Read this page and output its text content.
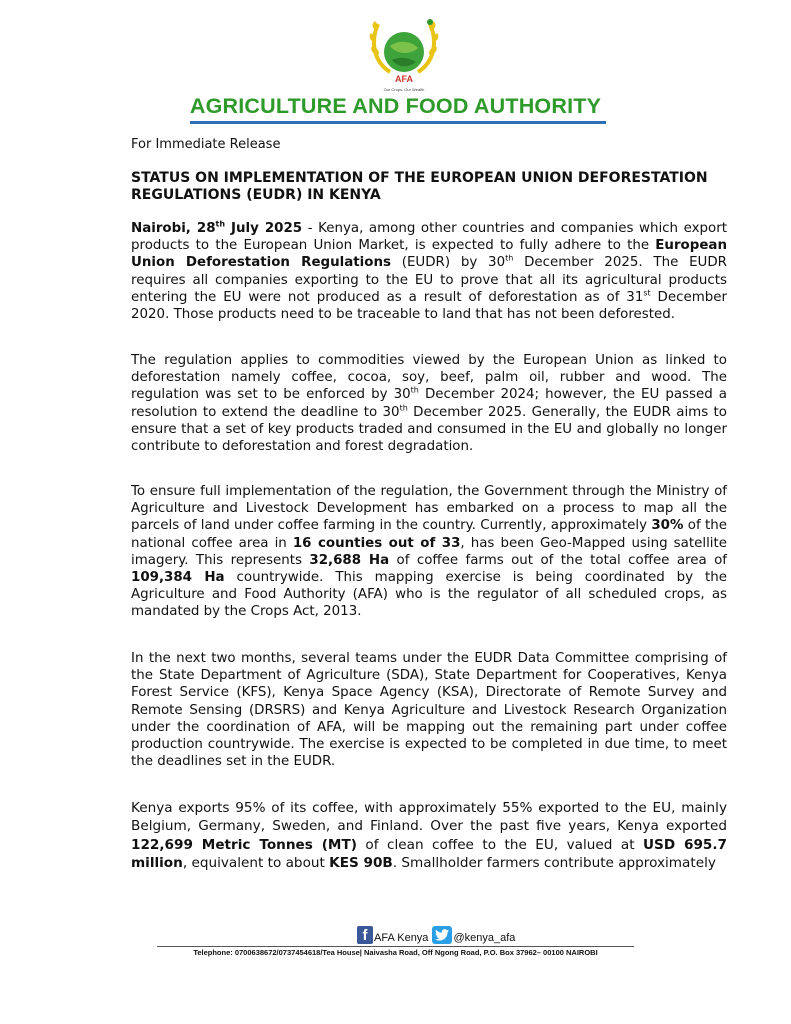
AFA
Our Crops, Our Wealth
AGRICULTURE AND FOOD AUTHORITY
For Immediate Release
STATUS ON IMPLEMENTATION OF THE EUROPEAN UNION DEFORESTATION REGULATIONS (EUDR) IN KENYA
Nairobi, 28th July 2025 - Kenya, among other countries and companies which export products to the European Union Market, is expected to fully adhere to the European Union Deforestation Regulations (EUDR) by 30th December 2025. The EUDR requires all companies exporting to the EU to prove that all its agricultural products entering the EU were not produced as a result of deforestation as of 31st December 2020. Those products need to be traceable to land that has not been deforested.
The regulation applies to commodities viewed by the European Union as linked to deforestation namely coffee, cocoa, soy, beef, palm oil, rubber and wood. The regulation was set to be enforced by 30th December 2024; however, the EU passed a resolution to extend the deadline to 30th December 2025. Generally, the EUDR aims to ensure that a set of key products traded and consumed in the EU and globally no longer contribute to deforestation and forest degradation.
To ensure full implementation of the regulation, the Government through the Ministry of Agriculture and Livestock Development has embarked on a process to map all the parcels of land under coffee farming in the country. Currently, approximately 30% of the national coffee area in 16 counties out of 33, has been Geo-Mapped using satellite imagery. This represents 32,688 Ha of coffee farms out of the total coffee area of 109,384 Ha countrywide. This mapping exercise is being coordinated by the Agriculture and Food Authority (AFA) who is the regulator of all scheduled crops, as mandated by the Crops Act, 2013.
In the next two months, several teams under the EUDR Data Committee comprising of the State Department of Agriculture (SDA), State Department for Cooperatives, Kenya Forest Service (KFS), Kenya Space Agency (KSA), Directorate of Remote Survey and Remote Sensing (DRSRS) and Kenya Agriculture and Livestock Research Organization under the coordination of AFA, will be mapping out the remaining part under coffee production countrywide. The exercise is expected to be completed in due time, to meet the deadlines set in the EUDR.
Kenya exports 95% of its coffee, with approximately 55% exported to the EU, mainly Belgium, Germany, Sweden, and Finland. Over the past five years, Kenya exported 122,699 Metric Tonnes (MT) of clean coffee to the EU, valued at USD 695.7 million, equivalent to about KES 90B. Smallholder farmers contribute approximately
f AFA Kenya @kenya_afa
Telephone: 0700638672/0737454618/Tea House| Naivasha Road, Off Ngong Road, P.O. Box 37962– 00100 NAIROBI
